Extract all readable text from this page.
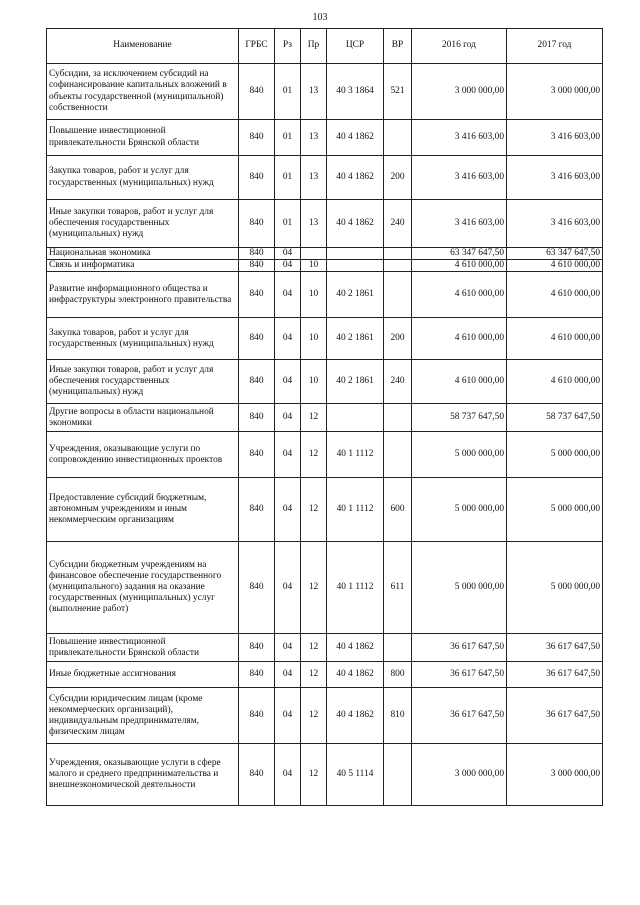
103
Наименование	ГРБС	Рз	Пр	ЦСР	ВР	2016 год	2017 год
Субсидии, за исключением субсидий на софинансирование капитальных вложений в объекты государственной (муниципальной) собственности	840	01	13	40 3 1864	521	3 000 000,00	3 000 000,00
Повышение инвестиционной привлекательности Брянской области	840	01	13	40 4 1862		3 416 603,00	3 416 603,00
Закупка товаров, работ и услуг для государственных (муниципальных) нужд	840	01	13	40 4 1862	200	3 416 603,00	3 416 603,00
Иные закупки товаров, работ и услуг для обеспечения государственных (муниципальных) нужд	840	01	13	40 4 1862	240	3 416 603,00	3 416 603,00
Национальная экономика	840	04				63 347 647,50	63 347 647,50
Связь и информатика	840	04	10			4 610 000,00	4 610 000,00
Развитие информационного общества и инфраструктуры электронного правительства	840	04	10	40 2 1861		4 610 000,00	4 610 000,00
Закупка товаров, работ и услуг для государственных (муниципальных) нужд	840	04	10	40 2 1861	200	4 610 000,00	4 610 000,00
Иные закупки товаров, работ и услуг для обеспечения государственных (муниципальных) нужд	840	04	10	40 2 1861	240	4 610 000,00	4 610 000,00
Другие вопросы в области национальной экономики	840	04	12			58 737 647,50	58 737 647,50
Учреждения, оказывающие услуги по сопровождению инвестиционных проектов	840	04	12	40 1 1112		5 000 000,00	5 000 000,00
Предоставление субсидий бюджетным, автономным учреждениям и иным некоммерческим организациям	840	04	12	40 1 1112	600	5 000 000,00	5 000 000,00
Субсидии бюджетным учреждениям на финансовое обеспечение государственного (муниципального) задания на оказание государственных (муниципальных) услуг (выполнение работ)	840	04	12	40 1 1112	611	5 000 000,00	5 000 000,00
Повышение инвестиционной привлекательности Брянской области	840	04	12	40 4 1862		36 617 647,50	36 617 647,50
Иные бюджетные ассигнования	840	04	12	40 4 1862	800	36 617 647,50	36 617 647,50
Субсидии юридическим лицам (кроме некоммерческих организаций), индивидуальным предпринимателям, физическим лицам	840	04	12	40 4 1862	810	36 617 647,50	36 617 647,50
Учреждения, оказывающие услуги в сфере малого и среднего предпринимательства и внешнеэкономической деятельности	840	04	12	40 5 1114		3 000 000,00	3 000 000,00
